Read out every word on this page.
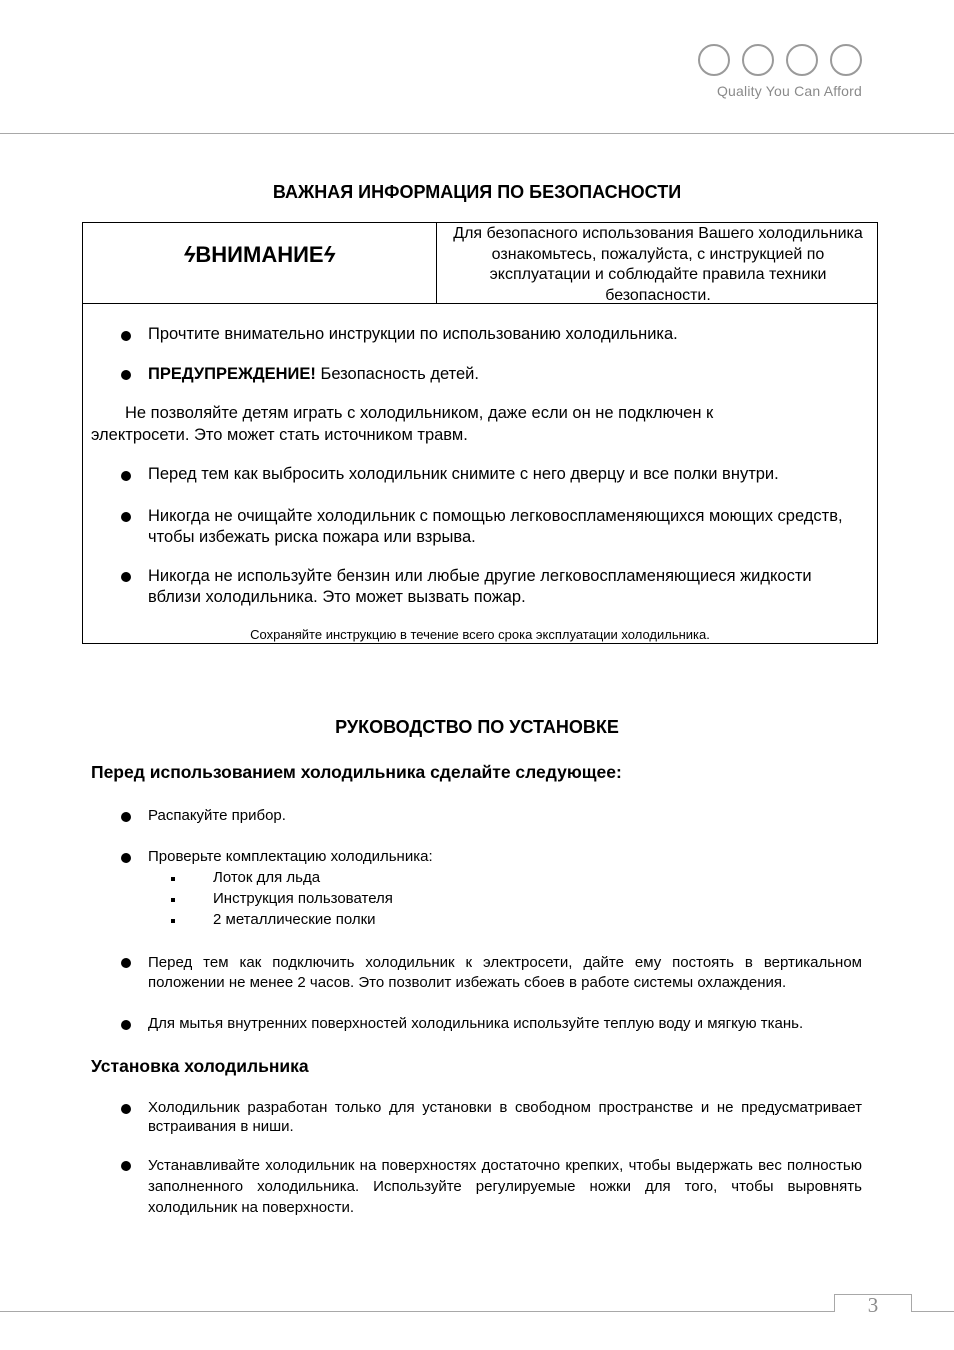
Quality You Can Afford
ВАЖНАЯ ИНФОРМАЦИЯ ПО БЕЗОПАСНОСТИ
ϟВНИМАНИЕϟ
Для безопасного использования Вашего холодильника ознакомьтесь, пожалуйста, с инструкцией по эксплуатации и соблюдайте правила техники безопасности.
Прочтите внимательно инструкции по использованию холодильника.
ПРЕДУПРЕЖДЕНИЕ! Безопасность детей.
Не позволяйте детям играть с холодильником, даже если он не подключен к
электросети. Это может стать источником травм.
Перед тем как выбросить холодильник снимите с него дверцу и все полки внутри.
Никогда не очищайте холодильник с помощью легковоспламеняющихся моющих средств, чтобы избежать риска пожара или взрыва.
Никогда не используйте бензин или любые другие легковоспламеняющиеся жидкости вблизи холодильника. Это может вызвать пожар.
Сохраняйте инструкцию в течение всего срока эксплуатации холодильника.
РУКОВОДСТВО ПО УСТАНОВКЕ
Перед использованием холодильника сделайте следующее:
Распакуйте прибор.
Проверьте комплектацию холодильника:
Лоток для льда
Инструкция пользователя
2 металлические полки
Перед тем как подключить холодильник к электросети, дайте ему постоять в вертикальном положении не менее 2 часов. Это позволит избежать сбоев в работе системы охлаждения.
Для мытья внутренних поверхностей холодильника используйте теплую воду и мягкую ткань.
Установка холодильника
Холодильник разработан только для установки в свободном пространстве и не предусматривает встраивания в ниши.
Устанавливайте холодильник на поверхностях достаточно крепких, чтобы выдержать вес полностью заполненного холодильника. Используйте регулируемые ножки для того, чтобы выровнять холодильник на поверхности.
3
